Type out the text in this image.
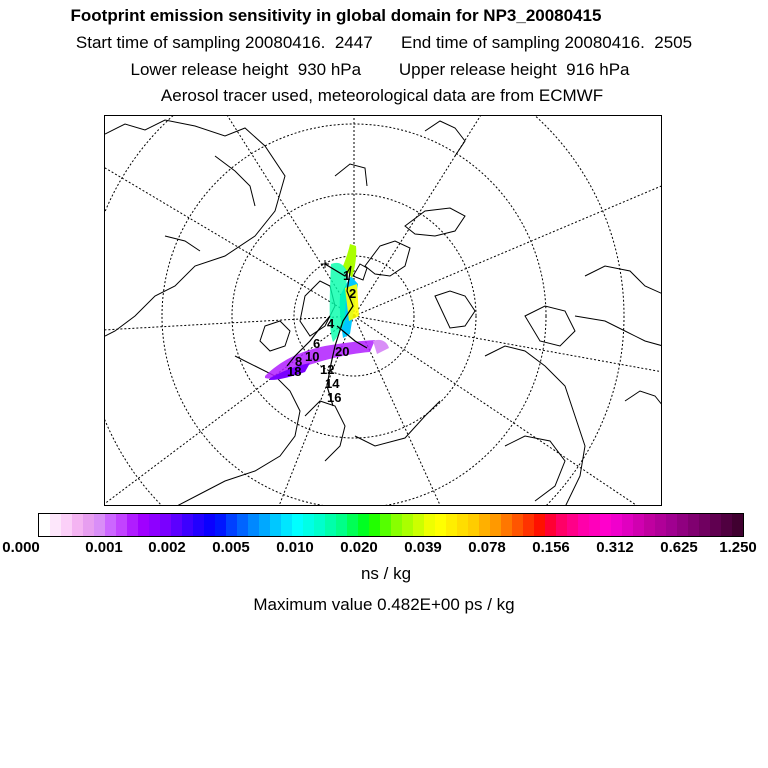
Footprint emission sensitivity in global domain for NP3_20080415
Start time of sampling 20080416.  2447      End time of sampling 20080416.  2505
Lower release height  930 hPa        Upper release height  916 hPa
Aerosol tracer used, meteorological data are from ECMWF
1
2
4
6
8 10
12
14
16
18
20
0.000	0.001 0.002 0.005 0.010 0.020 0.039 0.078 0.156 0.312 0.625 1.250
ns / kg
Maximum value 0.482E+00 ps / kg
